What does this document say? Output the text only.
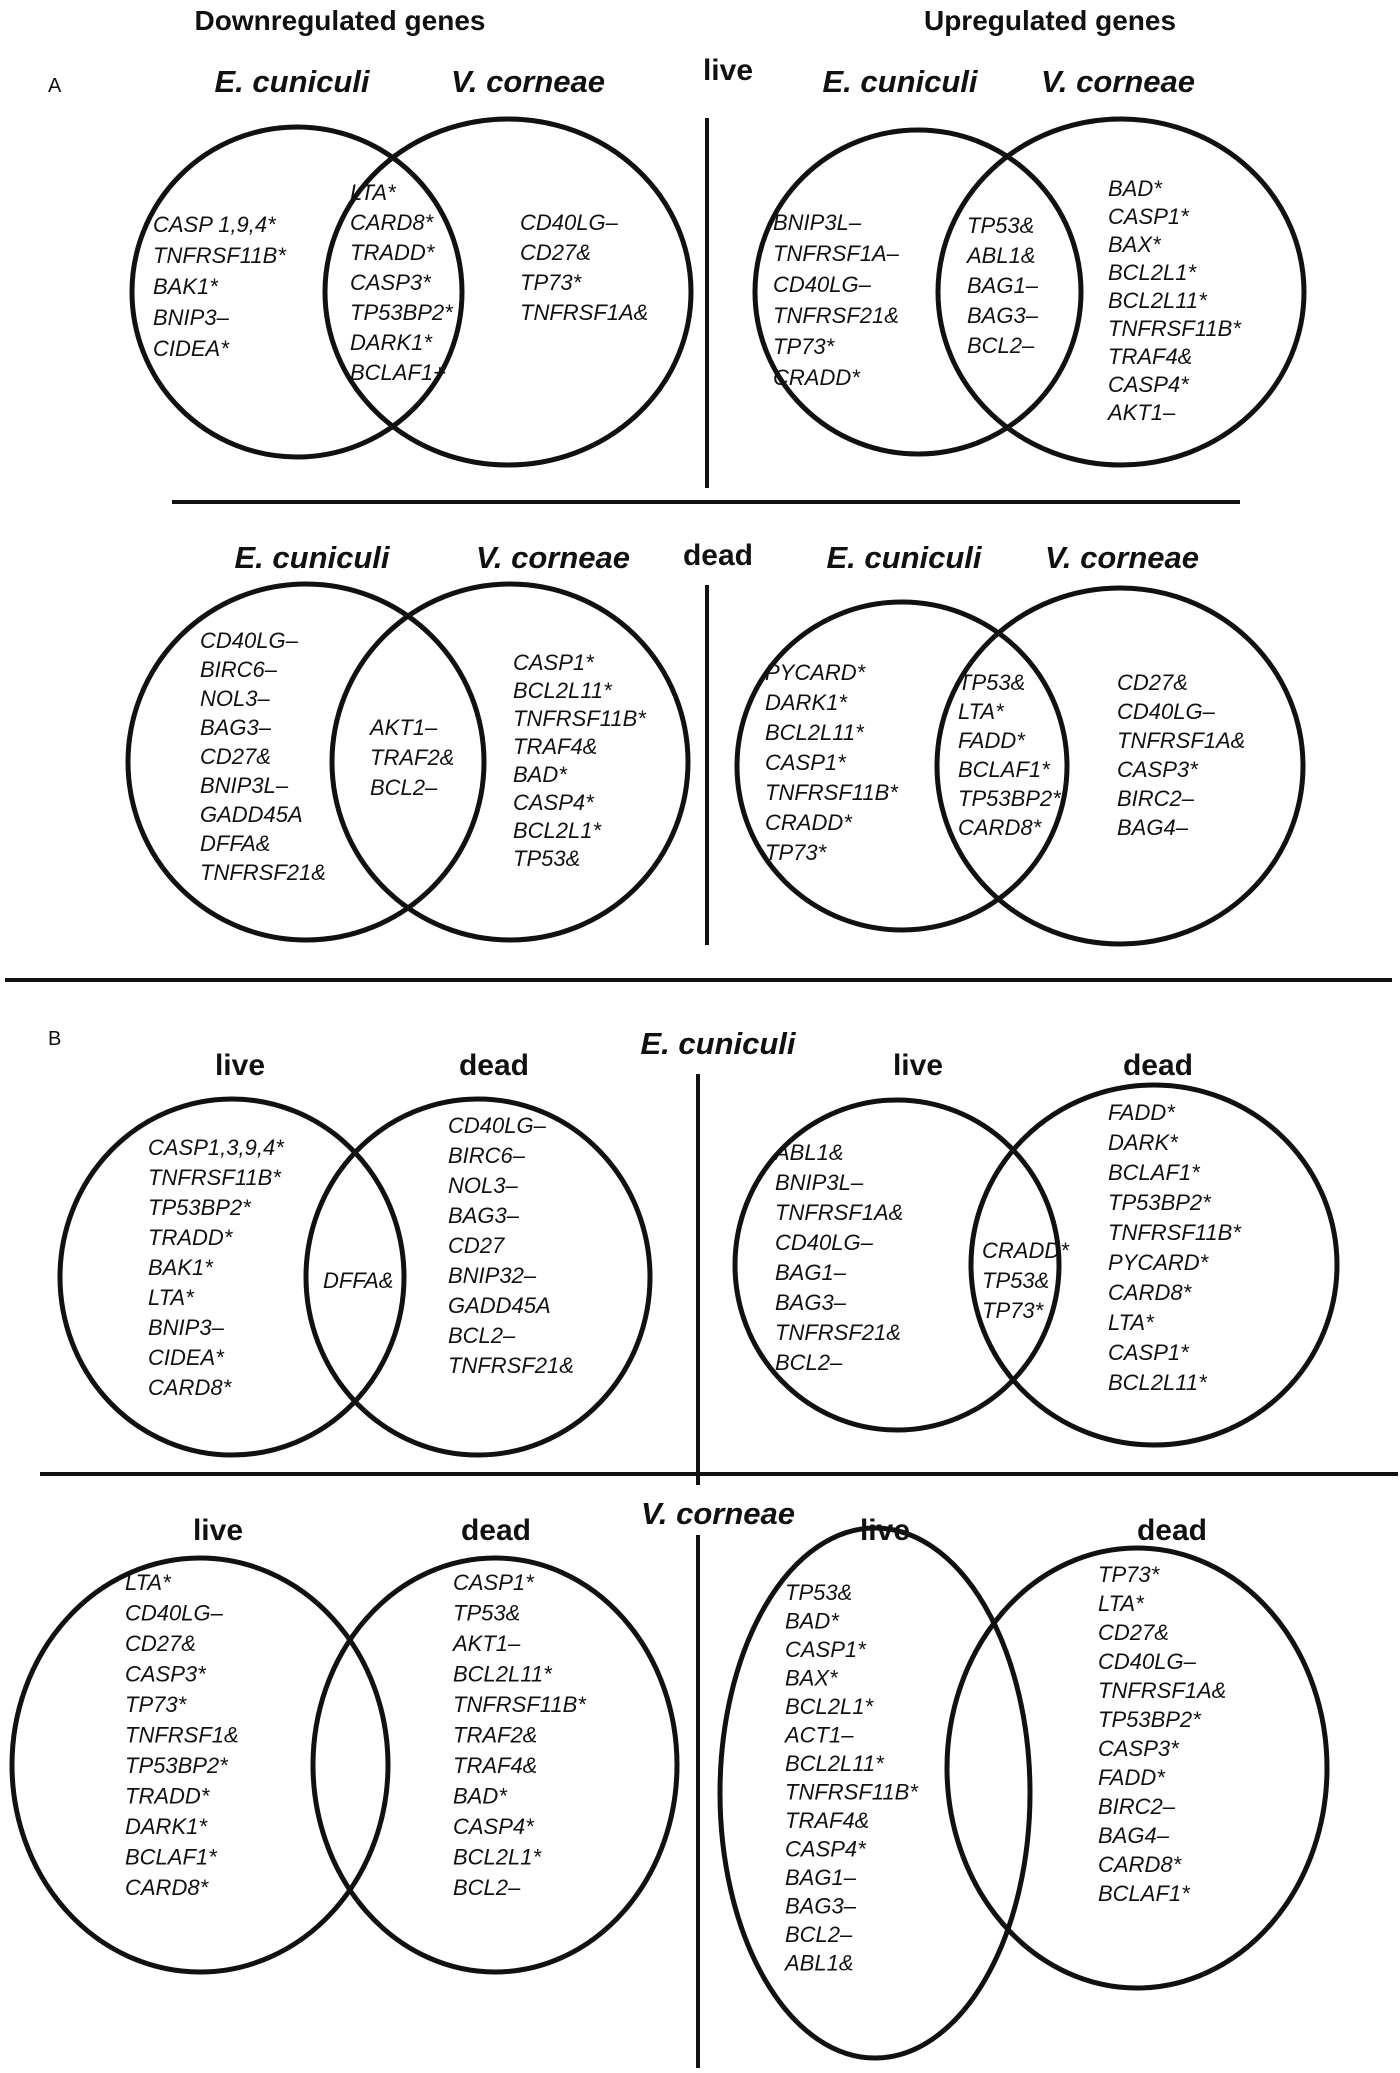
A
Downregulated genes	Upregulated genes
live
dead
E. cuniculi	V. corneae
CASP 1,9,4*
TNFRSF11B*
BAK1*
BNIP3–
CIDEA*
LTA*
CARD8*
TRADD*
CASP3*
TP53BP2*
DARK1*
BCLAF1+
CD40LG–
CD27&
TP73*
TNFRSF1A&
E. cuniculi V. corneae
BNIP3L–
TNFRSF1A–
CD40LG–
TNFRSF21&
TP73*
CRADD*
TP53&
ABL1&
BAG1–
BAG3–
BCL2–
BAD*
CASP1*
BAX*
BCL2L1*
BCL2L11*
TNFRSF11B*
TRAF4&
CASP4*
AKT1–
E. cuniculi	V. corneae
CD40LG–
BIRC6–
NOL3–
BAG3–
CD27&
BNIP3L–
GADD45A
DFFA&
TNFRSF21&
AKT1–
TRAF2&
BCL2–
CASP1*
BCL2L11*
TNFRSF11B*
TRAF4&
BAD*
CASP4*
BCL2L1*
TP53&
E. cuniculi V. corneae
PYCARD*
DARK1*
BCL2L11*
CASP1*
TNFRSF11B*
CRADD*
TP73*
TP53&
LTA*
FADD*
BCLAF1*
TP53BP2*
CARD8*
CD27&
CD40LG–
TNFRSF1A&
CASP3*
BIRC2–
BAG4–
B	E. cuniculi
V. corneae
live	dead
CASP1,3,9,4*
TNFRSF11B*
TP53BP2*
TRADD*
BAK1*
LTA*
BNIP3–
CIDEA*
CARD8*
DFFA&
CD40LG–
BIRC6–
NOL3–
BAG3–
CD27
BNIP32–
GADD45A
BCL2–
TNFRSF21&
live	dead
ABL1&
BNIP3L–
TNFRSF1A&
CD40LG–
BAG1–
BAG3–
TNFRSF21&
BCL2–
CRADD*
TP53&
TP73*
FADD*
DARK*
BCLAF1*
TP53BP2*
TNFRSF11B*
PYCARD*
CARD8*
LTA*
CASP1*
BCL2L11*
live	dead
LTA*
CD40LG–
CD27&
CASP3*
TP73*
TNFRSF1&
TP53BP2*
TRADD*
DARK1*
BCLAF1*
CARD8*
CASP1*
TP53&
AKT1–
BCL2L11*
TNFRSF11B*
TRAF2&
TRAF4&
BAD*
CASP4*
BCL2L1*
BCL2–
live	dead
TP53&
BAD*
CASP1*
BAX*
BCL2L1*
ACT1–
BCL2L11*
TNFRSF11B*
TRAF4&
CASP4*
BAG1–
BAG3–
BCL2–
ABL1&
TP73*
LTA*
CD27&
CD40LG–
TNFRSF1A&
TP53BP2*
CASP3*
FADD*
BIRC2–
BAG4–
CARD8*
BCLAF1*
